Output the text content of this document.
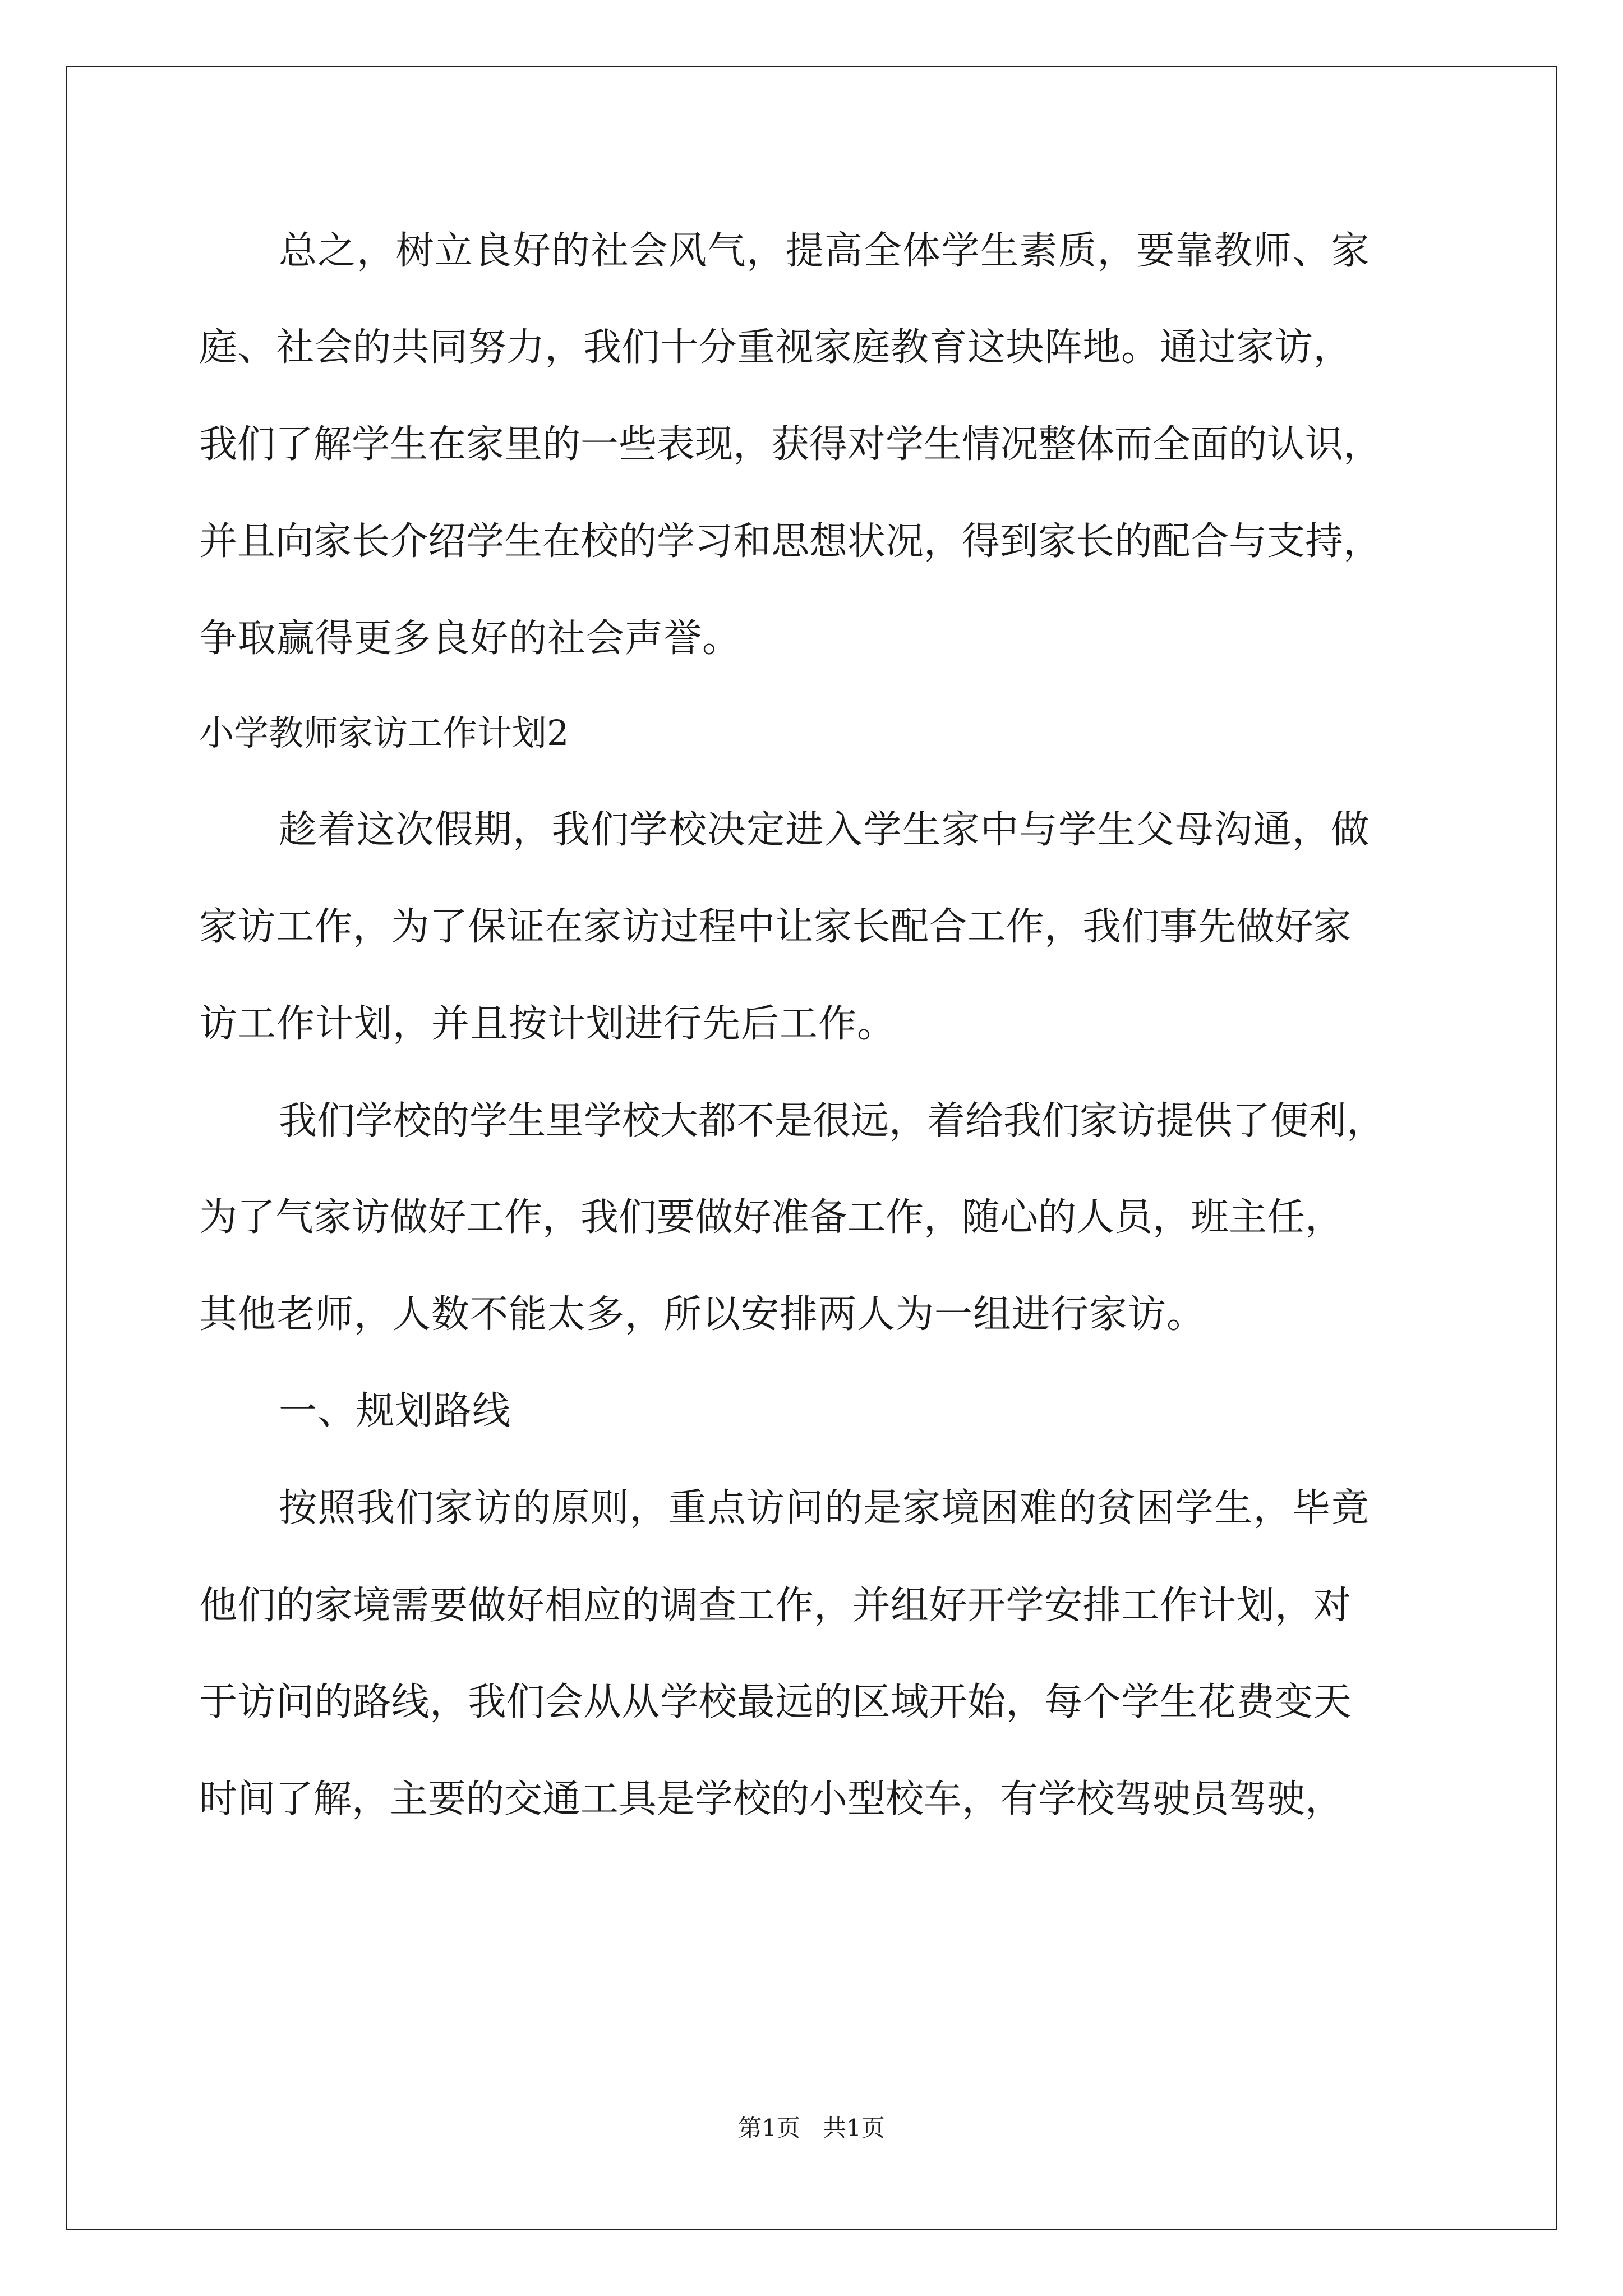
总之，树立良好的社会风气，提高全体学生素质，要靠教师、家
庭、社会的共同努力，我们十分重视家庭教育这块阵地。通过家访，
我们了解学生在家里的一些表现，获得对学生情况整体而全面的认识，
并且向家长介绍学生在校的学习和思想状况，得到家长的配合与支持，
争取赢得更多良好的社会声誉。
小学教师家访工作计划2
趁着这次假期，我们学校决定进入学生家中与学生父母沟通，做
家访工作，为了保证在家访过程中让家长配合工作，我们事先做好家
访工作计划，并且按计划进行先后工作。
我们学校的学生里学校大都不是很远，着给我们家访提供了便利，
为了气家访做好工作，我们要做好准备工作，随心的人员，班主任，
其他老师，人数不能太多，所以安排两人为一组进行家访。
一、规划路线
按照我们家访的原则，重点访问的是家境困难的贫困学生，毕竟
他们的家境需要做好相应的调查工作，并组好开学安排工作计划，对
于访问的路线，我们会从从学校最远的区域开始，每个学生花费变天
时间了解，主要的交通工具是学校的小型校车，有学校驾驶员驾驶，
第1页   共1页
